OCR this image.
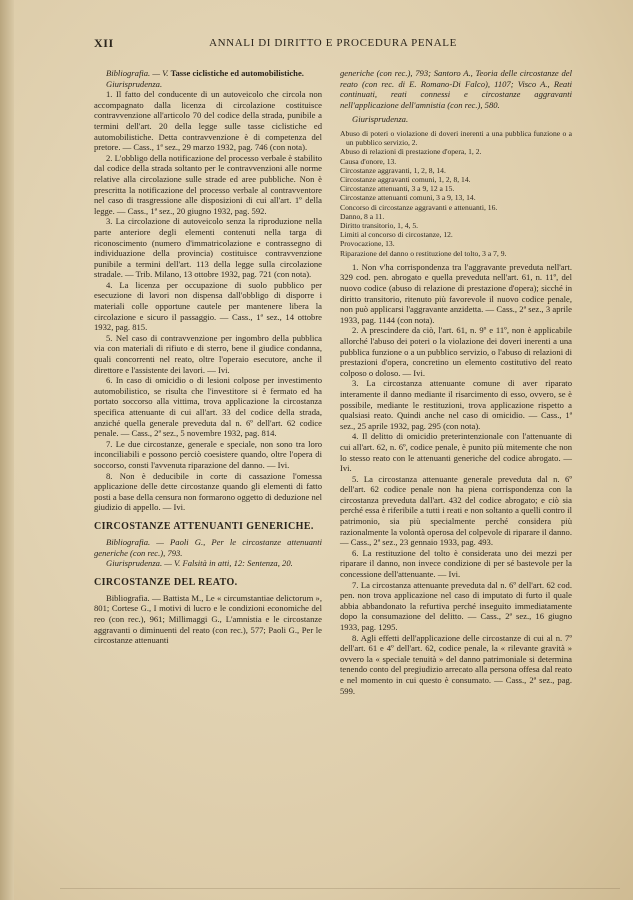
XII	ANNALI DI DIRITTO E PROCEDURA PENALE

Bibliografia. — V. Tasse ciclistiche ed automobilistiche.

Giurisprudenza.

1. Il fatto del conducente di un autoveicolo che circola non accompagnato dalla licenza di circolazione costituisce contravvenzione all'articolo 70 del codice della strada, punibile a termini dell'art. 20 della legge sulle tasse ciclistiche ed automobilistiche. Detta contravvenzione è di competenza del pretore. — Cass., 1ª sez., 29 marzo 1932, pag. 746 (con nota).

2. L'obbligo della notificazione del processo verbale è stabilito dal codice della strada soltanto per le contravvenzioni alle norme relative alla circolazione sulle strade ed aree pubbliche. Non è prescritta la notificazione del processo verbale al contravventore nel caso di trasgressione alle disposizioni di cui all'art. 1º della legge. — Cass., 1ª sez., 20 giugno 1932, pag. 592.

3. La circolazione di autoveicolo senza la riproduzione nella parte anteriore degli elementi contenuti nella targa di riconoscimento (numero d'immatricolazione e contrassegno di individuazione della provincia) costituisce contravvenzione punibile a termini dell'art. 113 della legge sulla circolazione stradale. — Trib. Milano, 13 ottobre 1932, pag. 721 (con nota).

4. La licenza per occupazione di suolo pubblico per esecuzione di lavori non dispensa dall'obbligo di disporre i materiali colle opportune cautele per mantenere libera la circolazione e sicuro il passaggio. — Cass., 1ª sez., 14 ottobre 1932, pag. 815.

5. Nel caso di contravvenzione per ingombro della pubblica via con materiali di rifiuto e di sterro, bene il giudice condanna, quali concorrenti nel reato, oltre l'operaio esecutore, anche il direttore e l'assistente dei lavori. — Ivi.

6. In caso di omicidio o di lesioni colpose per investimento automobilistico, se risulta che l'investitore si è fermato ed ha portato soccorso alla vittima, trova applicazione la circostanza specifica attenuante di cui all'art. 33 del codice della strada, anziché quella generale preveduta dal n. 6º dell'art. 62 codice penale. — Cass., 2ª sez., 5 novembre 1932, pag. 814.

7. Le due circostanze, generale e speciale, non sono tra loro inconciliabili e possono perciò coesistere quando, oltre l'opera di soccorso, consti l'avvenuta riparazione del danno. — Ivi.

8. Non è deducibile in corte di cassazione l'omessa applicazione delle dette circostanze quando gli elementi di fatto posti a base della censura non formarono oggetto di deduzione nel giudizio di appello. — Ivi.

CIRCOSTANZE ATTENUANTI GENERICHE.

Bibliografia. — Paoli G., Per le circostanze attenuanti generiche (con rec.), 793.

Giurisprudenza. — V. Falsità in atti, 12: Sentenza, 20.

CIRCOSTANZE DEL REATO.

Bibliografia. — Battista M., Le « circumstantiae delictorum », 801; Cortese G., I motivi di lucro e le condizioni economiche del reo (con rec.), 961; Millimaggi G., L'amnistia e le circostanze aggravanti o diminuenti del reato (con rec.), 577; Paoli G., Per le circostanze attenuanti

generiche (con rec.), 793; Santoro A., Teoria delle circostanze del reato (con rec. di E. Romano-Di Falco), 1107; Visco A., Reati continuati, reati connessi e circostanze aggravanti nell'applicazione dell'amnistia (con rec.), 580.

Giurisprudenza.

Abuso di poteri o violazione di doveri inerenti a una pubblica funzione o a un pubblico servizio, 2.

Abuso di relazioni di prestazione d'opera, 1, 2.

Causa d'onore, 13.

Circostanze aggravanti, 1, 2, 8, 14.

Circostanze aggravanti comuni, 1, 2, 8, 14.

Circostanze attenuanti, 3 a 9, 12 a 15.

Circostanze attenuanti comuni, 3 a 9, 13, 14.

Concorso di circostanze aggravanti e attenuanti, 16.

Danno, 8 a 11.

Diritto transitorio, 1, 4, 5.

Limiti al concorso di circostanze, 12.

Provocazione, 13.

Riparazione del danno o restituzione del tolto, 3 a 7, 9.

1. Non v'ha corrispondenza tra l'aggravante preveduta nell'art. 329 cod. pen. abrogato e quella preveduta nell'art. 61, n. 11º, del nuovo codice (abuso di relazione di prestazione d'opera); sicché in diritto transitorio, ritenuto più favorevole il nuovo codice penale, non può applicarsi l'aggravante anzidetta. — Cass., 2ª sez., 3 aprile 1933, pag. 1144 (con nota).

2. A prescindere da ciò, l'art. 61, n. 9º e 11º, non è applicabile allorché l'abuso dei poteri o la violazione dei doveri inerenti a una pubblica funzione o a un pubblico servizio, o l'abuso di relazioni di prestazioni d'opera, concretino un elemento costitutivo del reato colposo o doloso. — Ivi.

3. La circostanza attenuante comune di aver riparato interamente il danno mediante il risarcimento di esso, ovvero, se è possibile, mediante le restituzioni, trova applicazione rispetto a qualsiasi reato. Quindi anche nel caso di omicidio. — Cass., 1ª sez., 25 aprile 1932, pag. 295 (con nota).

4. Il delitto di omicidio preterintenzionale con l'attenuante di cui all'art. 62, n. 6º, codice penale, è punito più mitemente che non lo stesso reato con le attenuanti generiche del codice abrogato. — Ivi.

5. La circostanza attenuante generale preveduta dal n. 6º dell'art. 62 codice penale non ha piena corrispondenza con la circostanza preveduta dall'art. 432 del codice abrogato; e ciò sia perché essa è riferibile a tutti i reati e non soltanto a quelli contro il patrimonio, sia più specialmente perché considera più razionalmente la volontà operosa del colpevole di riparare il danno. — Cass., 2ª sez., 23 gennaio 1933, pag. 493.

6. La restituzione del tolto è considerata uno dei mezzi per riparare il danno, non invece condizione di per sé bastevole per la concessione dell'attenuante. — Ivi.

7. La circostanza attenuante preveduta dal n. 6º dell'art. 62 cod. pen. non trova applicazione nel caso di imputato di furto il quale abbia abbandonato la refurtiva perché inseguito immediatamente dopo la consumazione del delitto. — Cass., 2ª sez., 16 giugno 1933, pag. 1295.

8. Agli effetti dell'applicazione delle circostanze di cui al n. 7º dell'art. 61 e 4º dell'art. 62, codice penale, la « rilevante gravità » ovvero la « speciale tenuità » del danno patrimoniale si determina tenendo conto del pregiudizio arrecato alla persona offesa dal reato e nel momento in cui questo è consumato. — Cass., 2ª sez., pag. 599.
